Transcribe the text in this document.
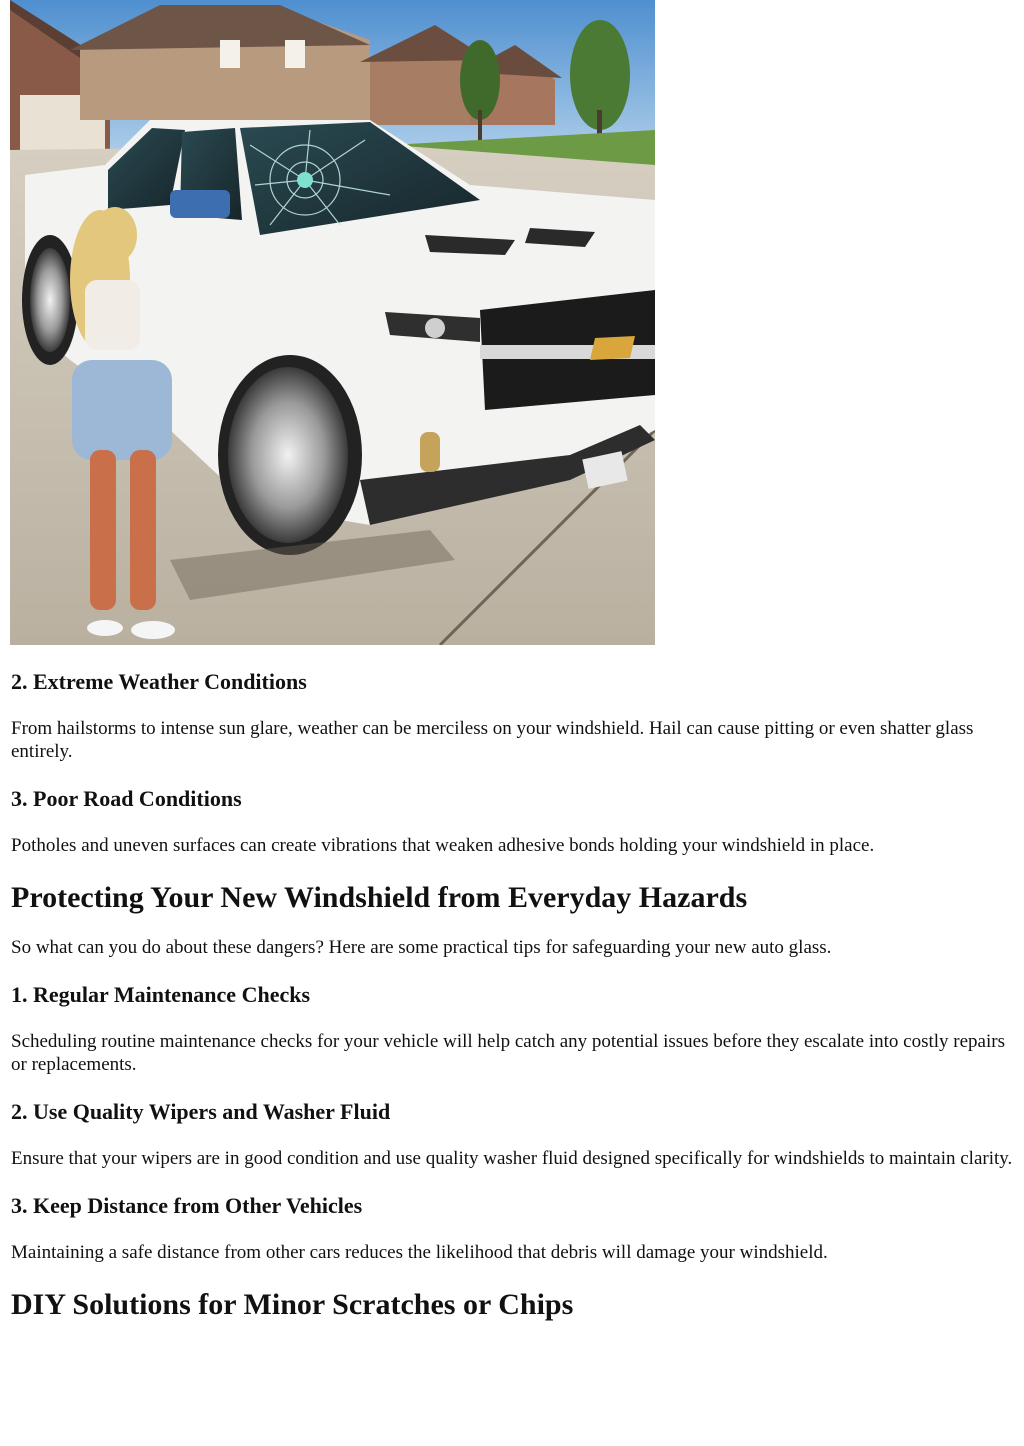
2. Extreme Weather Conditions

From hailstorms to intense sun glare, weather can be merciless on your windshield. Hail can cause pitting or even shatter glass entirely.

3. Poor Road Conditions

Potholes and uneven surfaces can create vibrations that weaken adhesive bonds holding your windshield in place.

Protecting Your New Windshield from Everyday Hazards

So what can you do about these dangers? Here are some practical tips for safeguarding your new auto glass.

1. Regular Maintenance Checks

Scheduling routine maintenance checks for your vehicle will help catch any potential issues before they escalate into costly repairs or replacements.

2. Use Quality Wipers and Washer Fluid

Ensure that your wipers are in good condition and use quality washer fluid designed specifically for windshields to maintain clarity.

3. Keep Distance from Other Vehicles

Maintaining a safe distance from other cars reduces the likelihood that debris will damage your windshield.

DIY Solutions for Minor Scratches or Chips
